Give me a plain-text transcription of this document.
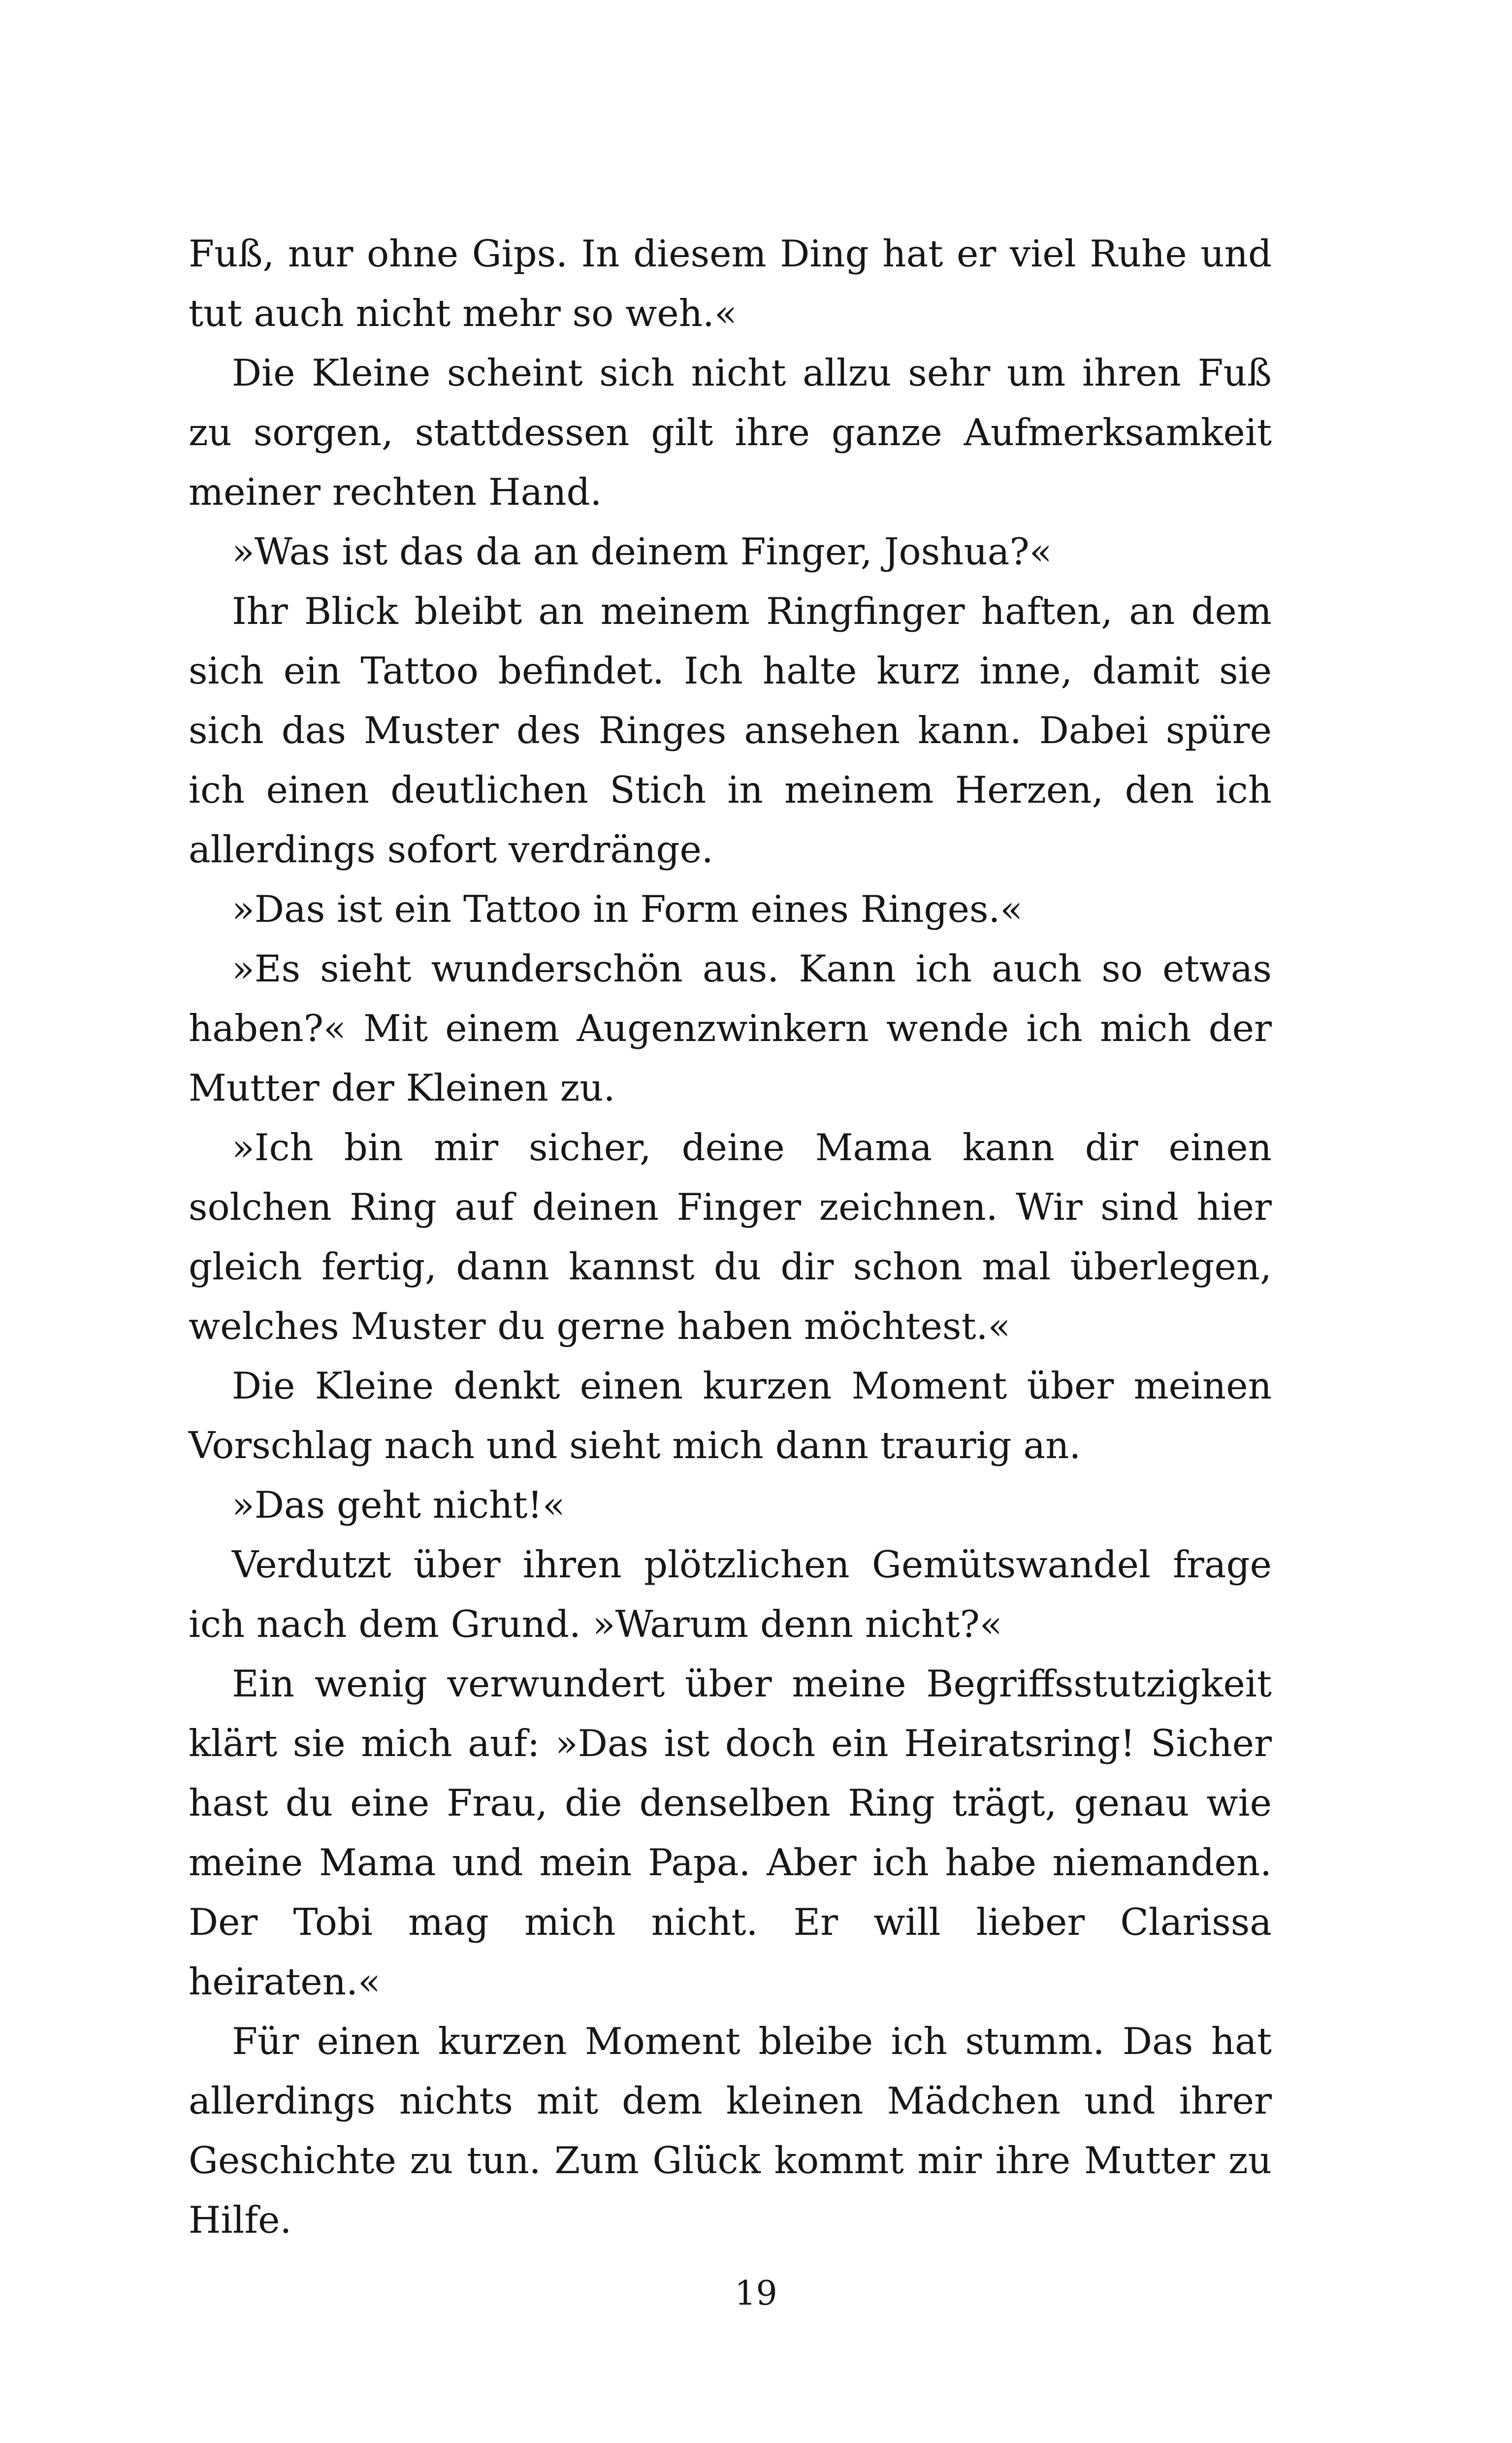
Fuß, nur ohne Gips. In diesem Ding hat er viel Ruhe und tut auch nicht mehr so weh.«

Die Kleine scheint sich nicht allzu sehr um ihren Fuß zu sorgen, stattdessen gilt ihre ganze Aufmerksamkeit meiner rechten Hand.

»Was ist das da an deinem Finger, Joshua?«

Ihr Blick bleibt an meinem Ringfinger haften, an dem sich ein Tattoo befindet. Ich halte kurz inne, damit sie sich das Muster des Ringes ansehen kann. Dabei spüre ich einen deutlichen Stich in meinem Herzen, den ich allerdings sofort verdränge.

»Das ist ein Tattoo in Form eines Ringes.«

»Es sieht wunderschön aus. Kann ich auch so etwas haben?« Mit einem Augenzwinkern wende ich mich der Mutter der Kleinen zu.

»Ich bin mir sicher, deine Mama kann dir einen solchen Ring auf deinen Finger zeichnen. Wir sind hier gleich fertig, dann kannst du dir schon mal überlegen, welches Muster du gerne haben möchtest.«

Die Kleine denkt einen kurzen Moment über meinen Vorschlag nach und sieht mich dann traurig an.

»Das geht nicht!«

Verdutzt über ihren plötzlichen Gemütswandel frage ich nach dem Grund. »Warum denn nicht?«

Ein wenig verwundert über meine Begriffsstutzigkeit klärt sie mich auf: »Das ist doch ein Heiratsring! Sicher hast du eine Frau, die denselben Ring trägt, genau wie meine Mama und mein Papa. Aber ich habe niemanden. Der Tobi mag mich nicht. Er will lieber Clarissa heiraten.«

Für einen kurzen Moment bleibe ich stumm. Das hat allerdings nichts mit dem kleinen Mädchen und ihrer Geschichte zu tun. Zum Glück kommt mir ihre Mutter zu Hilfe.

19
